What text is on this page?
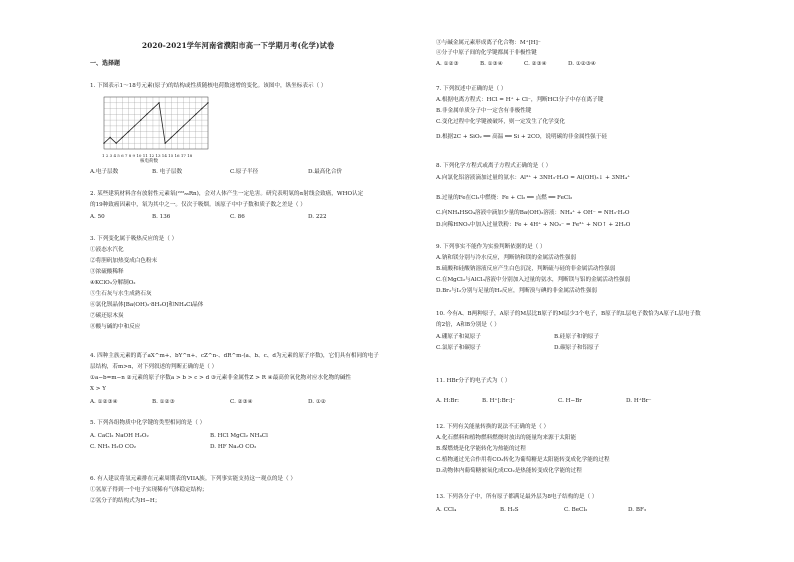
2020-2021学年河南省濮阳市高一下学期月考(化学)试卷
一、选择题
1. 下图表示1～18号元素(原子)的结构或性质随核电荷数递增的变化。该图中，纵坐标表示（ ）
1 2 3 4 5 6 7 8 9 10 11 12 13 14 15 16 17 18
核电荷数
A.电子层数	B. 电子层数	C.原子半径	D.最高化合价
2. 某些建筑材料含有放射性元素氡(²²²₈₆Rn)，会对人体产生一定危害。研究表明氡的α射线会致癌，WHO认定
的19种致癌因素中，氡为其中之一。仅次于吸烟。该原子中中子数和质子数之差是（ ）
A. 50	B. 136	C. 86	D. 222
3. 下列变化属于吸热反应的是（ ）
①液态水汽化
②将胆矾加热变成白色粉末
③浓硫酸稀释
④KClO₃分解制O₂
⑤生石灰与水生成熟石灰
⑥氯化钡晶体[Ba(OH)₂·8H₂O]和NH₄Cl晶体
⑦碳还原木炭
⑧酸与碱的中和反应
4. 四种主族元素的离子aX^m+、bY^n+、cZ^n-、dR^m-(a、b、c、d为元素的原子序数)，它们具有相同的电子
层结构，若m>n，对下列叙述的判断正确的是（ ）
①a−b=m−n ②元素的原子序数a > b > c > d ③元素非金属性Z > R ④最高价氧化物对应水化物的碱性
X > Y
A. ①②③④	B. ①②③	C. ②③④	D. ①②
5. 下列各组物质中化学键的类型相同的是（ ）
A. CaCl₂ NaOH H₂O₂	B. HCl MgCl₂ NH₄Cl
C. NH₃ H₂O CO₂	D. HF Na₂O CO₂
6. 有人建议将氢元素排在元素周期表的VIIA族。下列事实能支持这一观点的是（ ）
①氢原子得到一个电子实现稀有气体稳定结构；
②氢分子的结构式为H−H；
③与碱金属元素形成离子化合物：M⁺[H]⁻
④分子中原子间的化学键都属于非极性键
A. ①②③	B. ①③④	C. ②③④	D. ①②③④
7. 下列叙述中正确的是（ ）
A.根据电离方程式：HCl = H⁺ + Cl⁻，判断HCl分子中存在离子键
B.非金属单质分子中一定含有非极性键
C.变化过程中化学键被破坏，则一定发生了化学变化
D.根据2C + SiO₂ ══ 高温 ══ Si + 2CO，说明碳的非金属性强于硅
8. 下列化学方程式或离子方程式正确的是（ ）
A.向氯化铝溶液滴加过量的氨水：Al³⁺ + 3NH₃·H₂O = Al(OH)₃↓ + 3NH₄⁺
B.过量的Fe在Cl₂中燃烧：Fe + Cl₂ ══ 点燃 ══ FeCl₂
C.向NH₄HSO₄溶液中滴加少量的Ba(OH)₂溶液：NH₄⁺ + OH⁻ = NH₃·H₂O
D.向稀HNO₃中加入过量铁粉：Fe + 4H⁺ + NO₃⁻ = Fe³⁺ + NO↑ + 2H₂O
9. 下列事实不能作为实验判断依据的是（ ）
A.钠和镁分别与冷水反应，判断钠和镁的金属活动性强弱
B.硫酸和硅酸钠溶液反应产生白色沉淀，判断硫与硅的非金属活动性强弱
C.在MgCl₂与AlCl₃溶液中分别加入过量的氨水，判断镁与铝的金属活动性强弱
D.Br₂与I₂分别与足量的H₂反应，判断溴与碘的非金属活动性强弱
10. 今有A、B两种原子，A原子的M层比B原子的M层少3个电子，B原子的L层电子数恰为A原子L层电子数
的2倍，A和B分别是（ ）
A.硼原子和氦原子	B.硅原子和钠原子
C.氯原子和碳原子	D.碳原子和铝原子
11. HBr分子的电子式为（ ）
A. H:Br:	B. H⁺[:Br:]⁻	C. H−Br	D. H⁺Br⁻
12. 下列有关能量转换的说法不正确的是（ ）
A.化石燃料和植物燃料燃烧时放出的能量均来源于太阳能
B.煤燃烧是化学能转化为热能的过程
C.植物通过光合作用将CO₂转化为葡萄糖是太阳能转变成化学能的过程
D.动物体内葡萄糖被氧化成CO₂是热能转变成化学能的过程
13. 下列各分子中，所有原子都满足最外层为8电子结构的是（ ）
A. CCl₄	B. H₂S	C. BeCl₂	D. BF₃
